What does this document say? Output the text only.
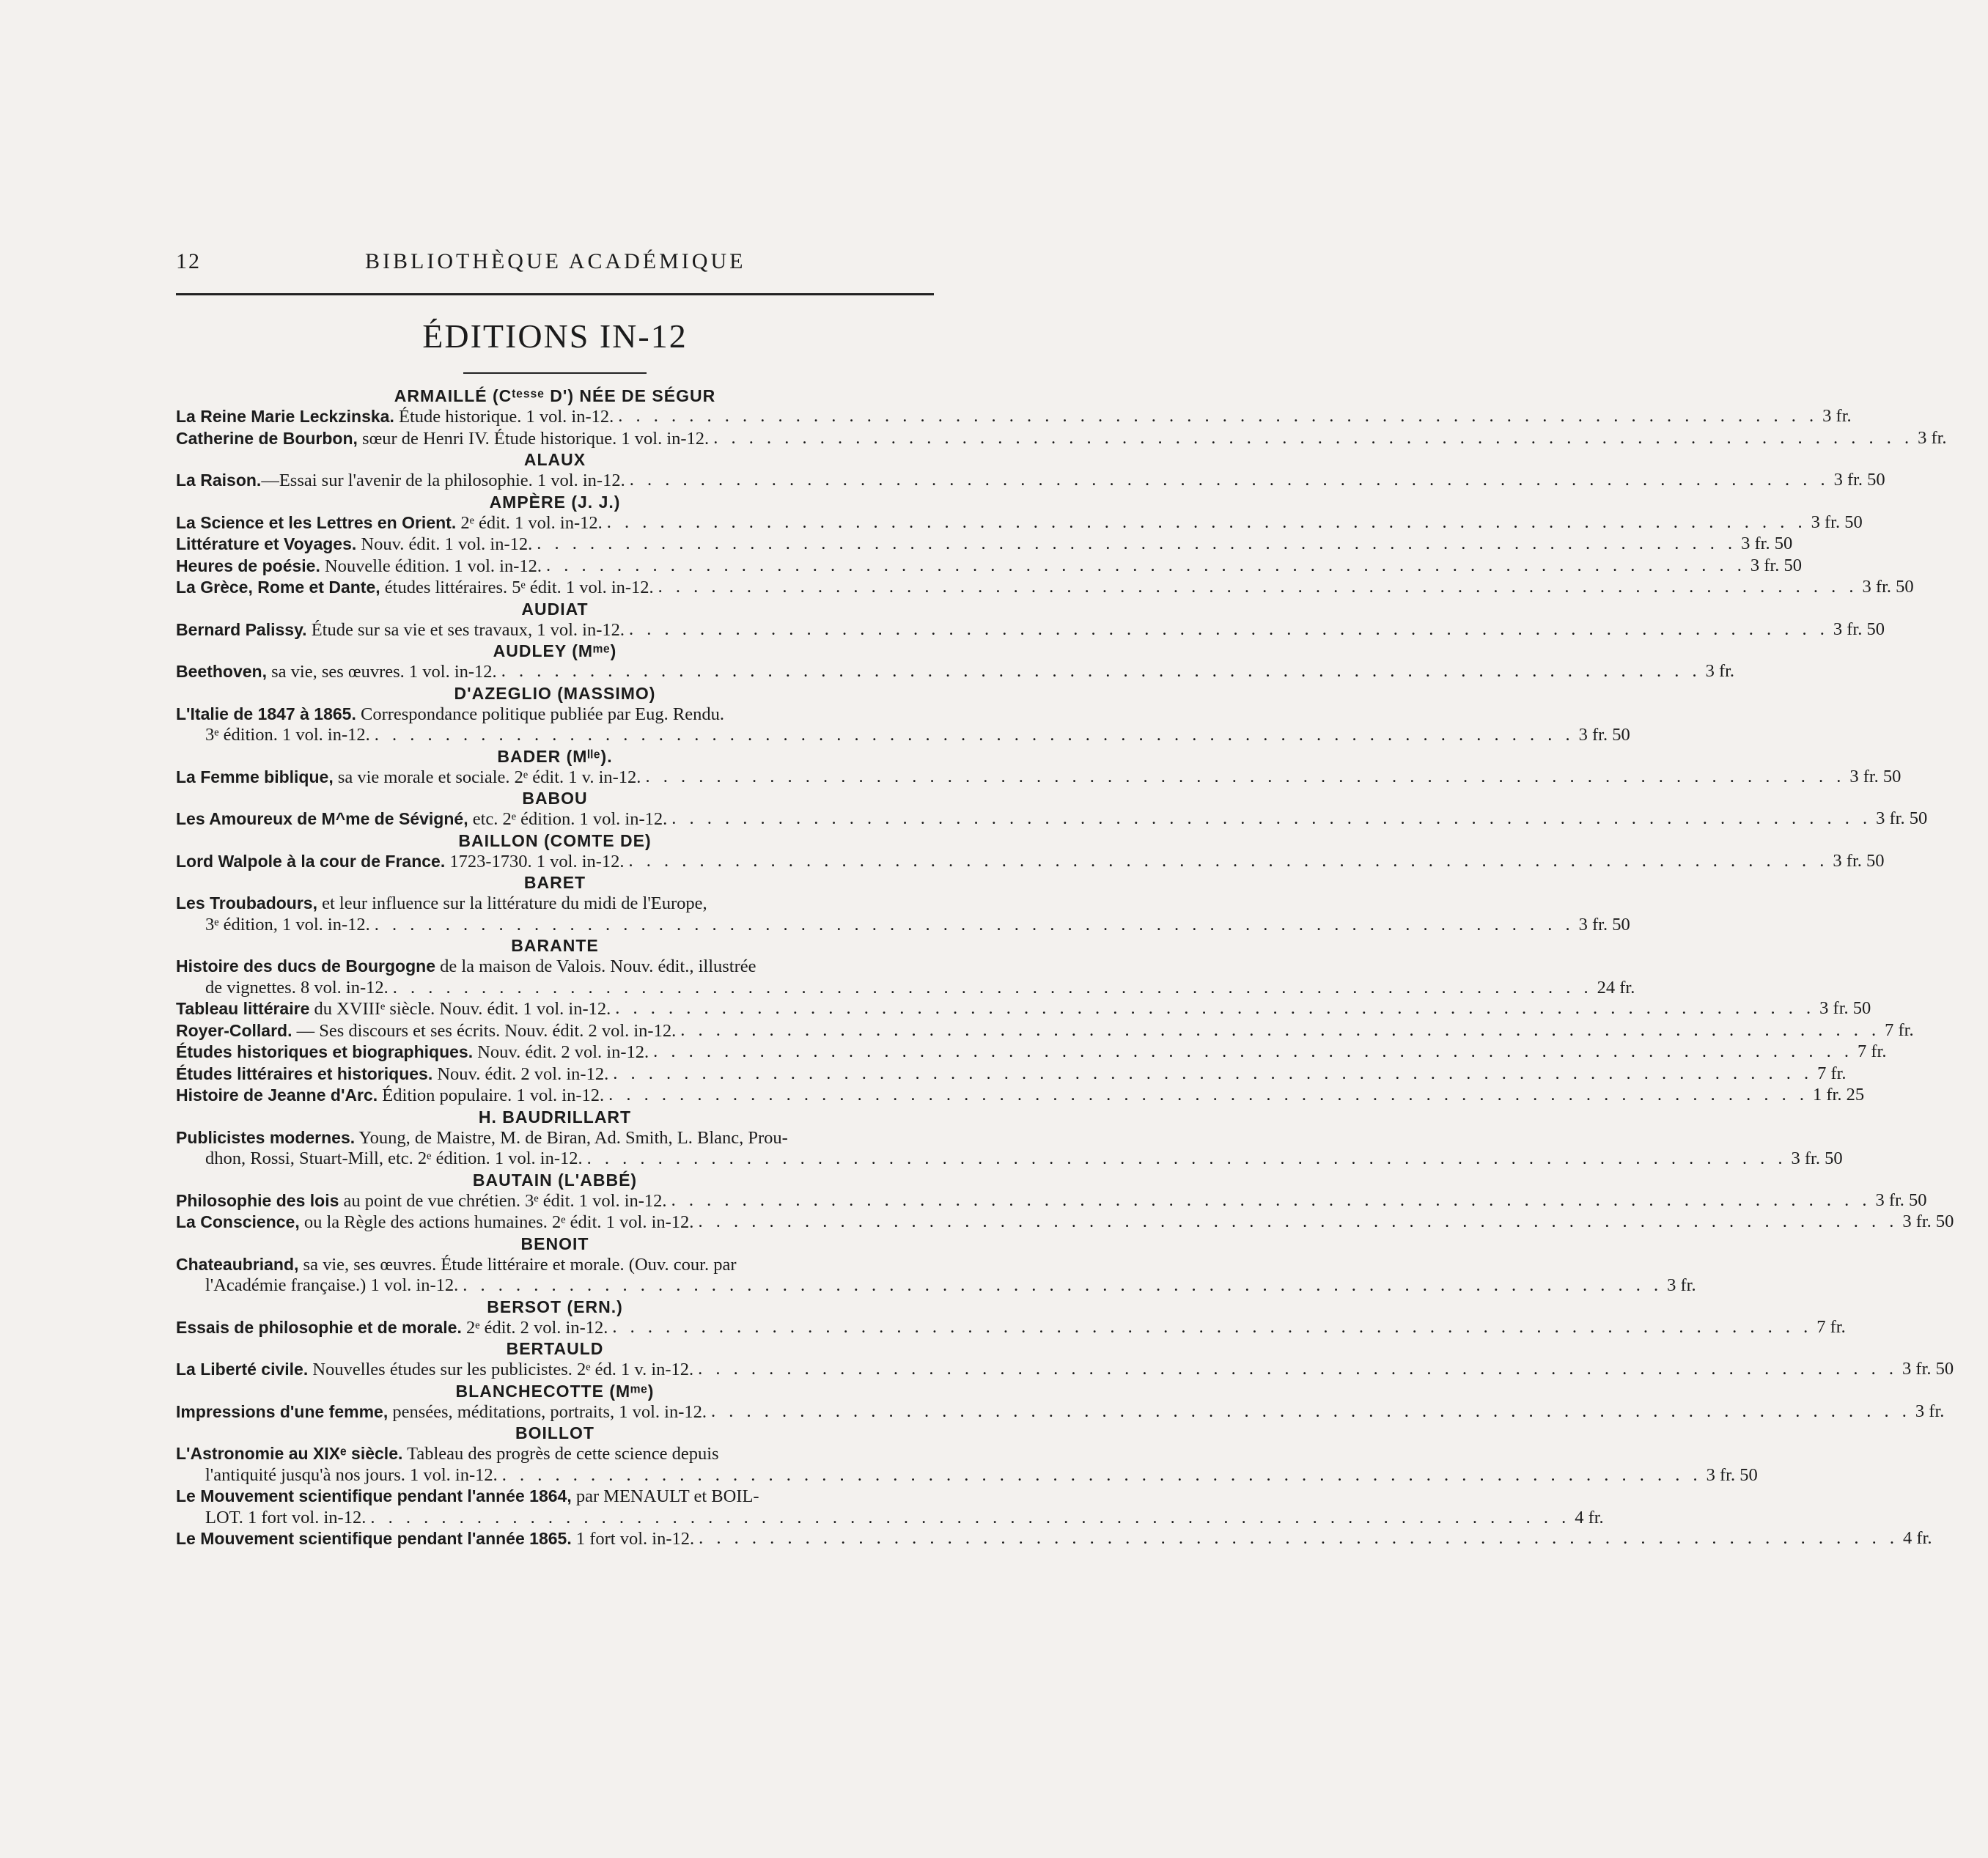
12	BIBLIOTHÈQUE ACADÉMIQUE
ÉDITIONS IN-12
ARMAILLÉ (Cᵗᵉˢˢᵉ D') NÉE DE SÉGUR
La Reine Marie Leckzinska. Étude historique. 1 vol. in-12. . . .	3 fr.
Catherine de Bourbon, sœur de Henri IV. Étude historique. 1 vol. in-12. . . .	3 fr.
ALAUX
La Raison.—Essai sur l'avenir de la philosophie. 1 vol. in-12. . . .	3 fr. 50
AMPÈRE (J. J.)
La Science et les Lettres en Orient. 2ᵉ édit. 1 vol. in-12. . . .	3 fr. 50
Littérature et Voyages. Nouv. édit. 1 vol. in-12. . . .	3 fr. 50
Heures de poésie. Nouvelle édition. 1 vol. in-12. . . .	3 fr. 50
La Grèce, Rome et Dante, études littéraires. 5ᵉ édit. 1 vol. in-12. . . .	3 fr. 50
AUDIAT
Bernard Palissy. Étude sur sa vie et ses travaux, 1 vol. in-12. . . .	3 fr. 50
AUDLEY (Mᵐᵉ)
Beethoven, sa vie, ses œuvres. 1 vol. in-12. . . .	3 fr.
D'AZEGLIO (MASSIMO)
L'Italie de 1847 à 1865. Correspondance politique publiée par Eug. Rendu.
3ᵉ édition. 1 vol. in-12. . . .	3 fr. 50
BADER (Mˡˡᵉ).
La Femme biblique, sa vie morale et sociale. 2ᵉ édit. 1 v. in-12. . . .	3 fr. 50
BABOU
Les Amoureux de M^me de Sévigné, etc. 2ᵉ édition. 1 vol. in-12. . . .	3 fr. 50
BAILLON (COMTE DE)
Lord Walpole à la cour de France. 1723-1730. 1 vol. in-12. . . .	3 fr. 50
BARET
Les Troubadours, et leur influence sur la littérature du midi de l'Europe,
3ᵉ édition, 1 vol. in-12. . . .	3 fr. 50
BARANTE
Histoire des ducs de Bourgogne de la maison de Valois. Nouv. édit., illustrée
de vignettes. 8 vol. in-12. . . .	24 fr.
Tableau littéraire du XVIIIᵉ siècle. Nouv. édit. 1 vol. in-12. . . .	3 fr. 50
Royer-Collard. — Ses discours et ses écrits. Nouv. édit. 2 vol. in-12. . . .	7 fr.
Études historiques et biographiques. Nouv. édit. 2 vol. in-12. . . .	7 fr.
Études littéraires et historiques. Nouv. édit. 2 vol. in-12. . . .	7 fr.
Histoire de Jeanne d'Arc. Édition populaire. 1 vol. in-12. . . .	1 fr. 25
H. BAUDRILLART
Publicistes modernes. Young, de Maistre, M. de Biran, Ad. Smith, L. Blanc, Prou-
dhon, Rossi, Stuart-Mill, etc. 2ᵉ édition. 1 vol. in-12. . . .	3 fr. 50
BAUTAIN (L'ABBÉ)
Philosophie des lois au point de vue chrétien. 3ᵉ édit. 1 vol. in-12. . . .	3 fr. 50
La Conscience, ou la Règle des actions humaines. 2ᵉ édit. 1 vol. in-12. . . .	3 fr. 50
BENOIT
Chateaubriand, sa vie, ses œuvres. Étude littéraire et morale. (Ouv. cour. par
l'Académie française.) 1 vol. in-12. . . .	3 fr.
BERSOT (ERN.)
Essais de philosophie et de morale. 2ᵉ édit. 2 vol. in-12. . . .	7 fr.
BERTAULD
La Liberté civile. Nouvelles études sur les publicistes. 2ᵉ éd. 1 v. in-12. . . .	3 fr. 50
BLANCHECOTTE (Mᵐᵉ)
Impressions d'une femme, pensées, méditations, portraits, 1 vol. in-12. . . .	3 fr.
BOILLOT
L'Astronomie au XIXᵉ siècle. Tableau des progrès de cette science depuis
l'antiquité jusqu'à nos jours. 1 vol. in-12. . . .	3 fr. 50
Le Mouvement scientifique pendant l'année 1864, par MENAULT et BOIL-
LOT. 1 fort vol. in-12. . . .	4 fr.
Le Mouvement scientifique pendant l'année 1865. 1 fort vol. in-12. . . .	4 fr.
